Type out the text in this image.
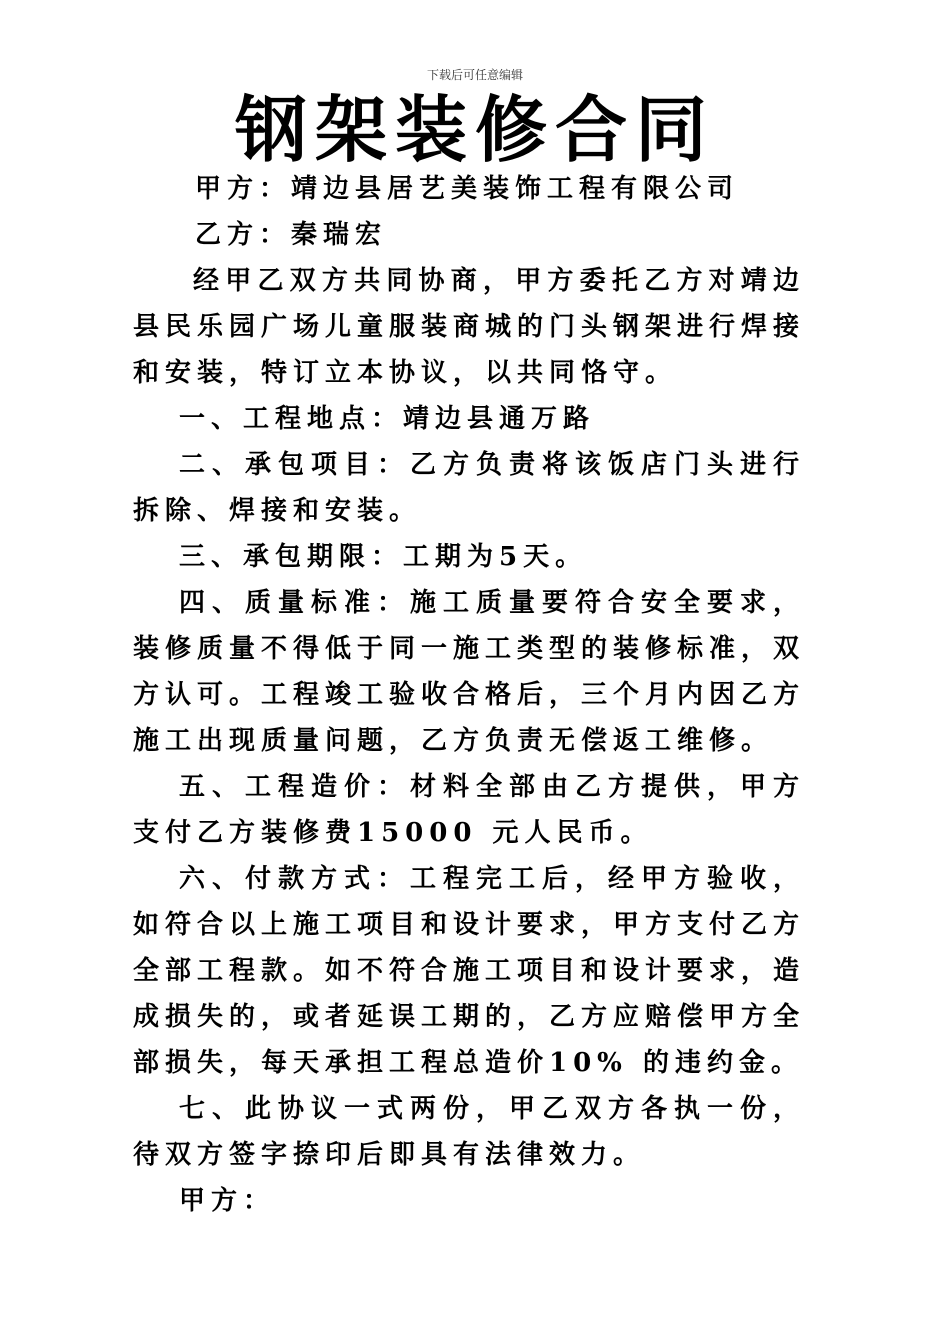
下载后可任意编辑
钢架装修合同

甲方：靖边县居艺美装饰工程有限公司

乙方：秦瑞宏

经甲乙双方共同协商，甲方委托乙方对靖边县民乐园广场儿童服装商城的门头钢架进行焊接和安装，特订立本协议，以共同恪守。

一、工程地点：靖边县通万路

二、承包项目：乙方负责将该饭店门头进行拆除、焊接和安装。

三、承包期限：工期为5天。

四、质量标准：施工质量要符合安全要求，装修质量不得低于同一施工类型的装修标准，双方认可。工程竣工验收合格后，三个月内因乙方施工出现质量问题，乙方负责无偿返工维修。

五、工程造价：材料全部由乙方提供，甲方支付乙方装修费15000 元人民币。

六、付款方式：工程完工后，经甲方验收，如符合以上施工项目和设计要求，甲方支付乙方全部工程款。如不符合施工项目和设计要求，造成损失的，或者延误工期的，乙方应赔偿甲方全部损失，每天承担工程总造价10% 的违约金。

七、此协议一式两份，甲乙双方各执一份，待双方签字捺印后即具有法律效力。

甲方：
